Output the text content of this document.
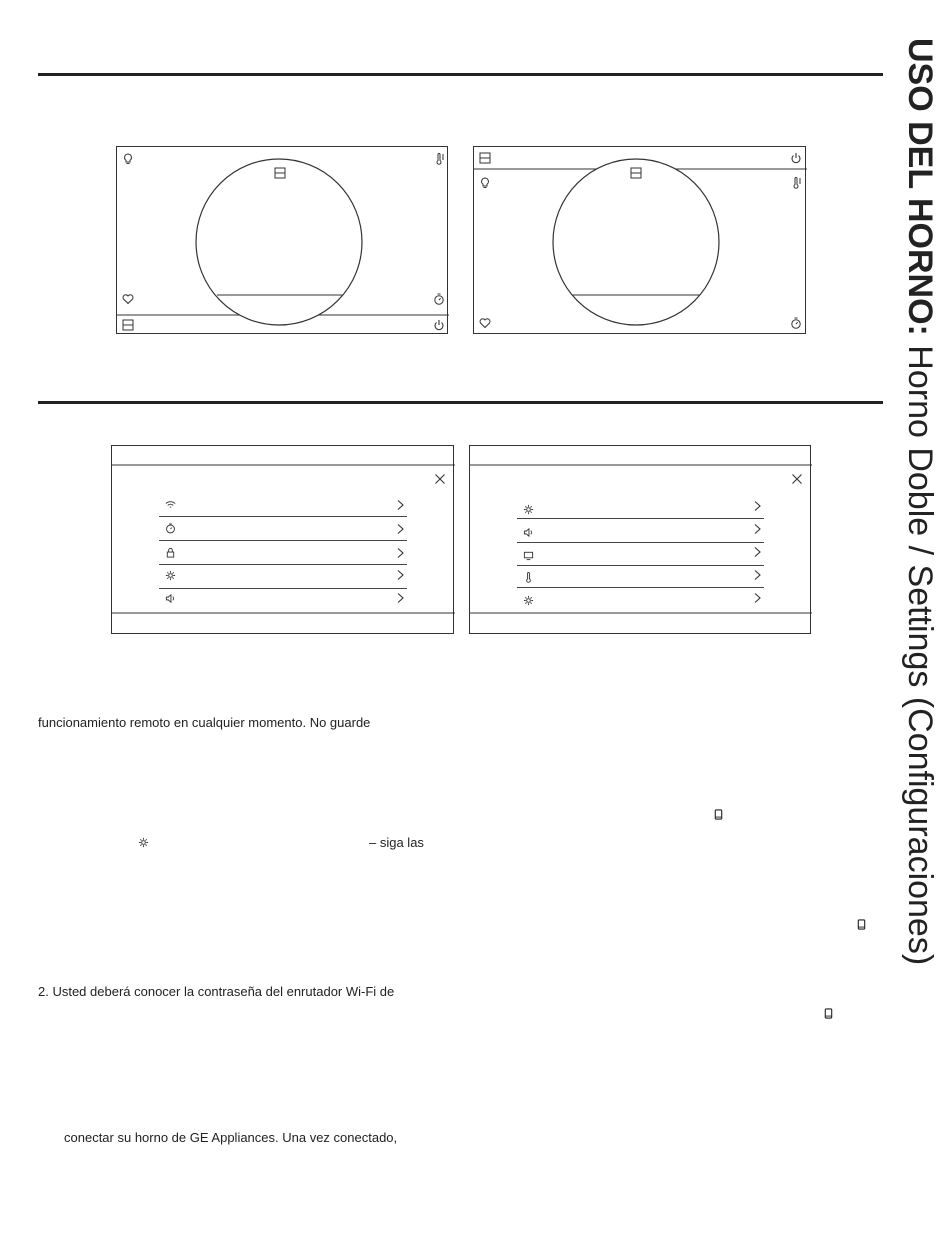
USO DEL HORNO: Horno Doble / Settings (Configuraciones)
funcionamiento remoto en cualquier momento. No guarde
– siga las
2. Usted deberá conocer la contraseña del enrutador Wi-Fi de
conectar su horno de GE Appliances. Una vez conectado,
